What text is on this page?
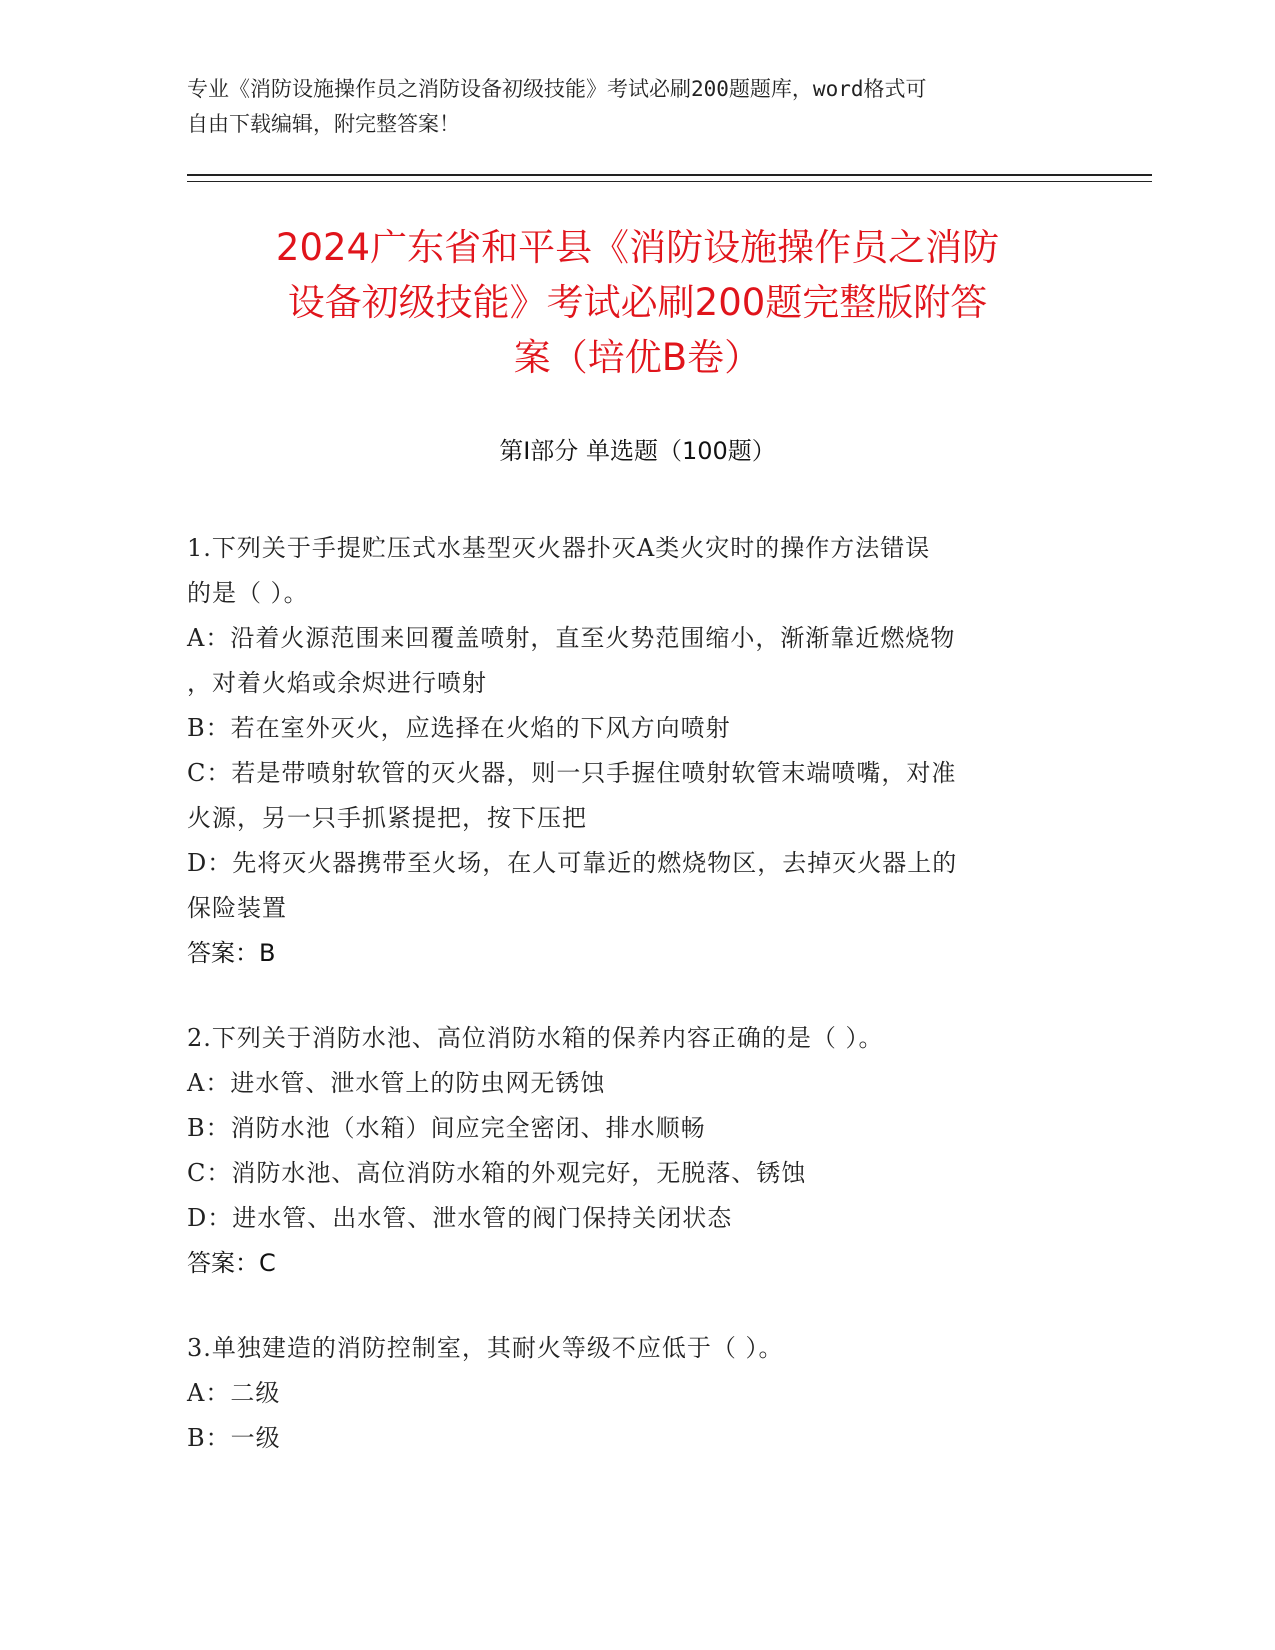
专业《消防设施操作员之消防设备初级技能》考试必刷200题题库，word格式可
自由下载编辑，附完整答案！
2024广东省和平县《消防设施操作员之消防
设备初级技能》考试必刷200题完整版附答
案（培优B卷）
第I部分 单选题（100题）
1.下列关于手提贮压式水基型灭火器扑灭A类火灾时的操作方法错误
的是（ ）。
A：沿着火源范围来回覆盖喷射，直至火势范围缩小，渐渐靠近燃烧物
，对着火焰或余烬进行喷射
B：若在室外灭火，应选择在火焰的下风方向喷射
C：若是带喷射软管的灭火器，则一只手握住喷射软管末端喷嘴，对准
火源，另一只手抓紧提把，按下压把
D：先将灭火器携带至火场，在人可靠近的燃烧物区，去掉灭火器上的
保险装置
答案：B
2.下列关于消防水池、高位消防水箱的保养内容正确的是（ ）。
A：进水管、泄水管上的防虫网无锈蚀
B：消防水池（水箱）间应完全密闭、排水顺畅
C：消防水池、高位消防水箱的外观完好，无脱落、锈蚀
D：进水管、出水管、泄水管的阀门保持关闭状态
答案：C
3.单独建造的消防控制室，其耐火等级不应低于（ ）。
A：二级
B：一级
